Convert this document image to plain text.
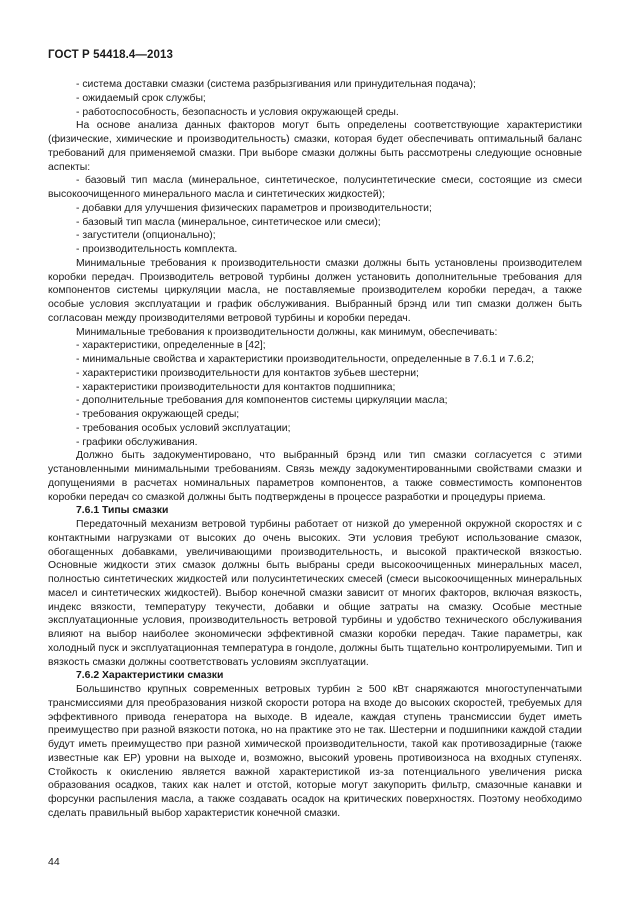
ГОСТ Р 54418.4—2013

- система доставки смазки (система разбрызгивания или принудительная подача);

- ожидаемый срок службы;

- работоспособность, безопасность и условия окружающей среды.

На основе анализа данных факторов могут быть определены соответствующие характеристики (физические, химические и производительность) смазки, которая будет обеспечивать оптимальный баланс требований для применяемой смазки. При выборе смазки должны быть рассмотрены следующие основные аспекты:

- базовый тип масла (минеральное, синтетическое, полусинтетические смеси, состоящие из смеси высокоочищенного минерального масла и синтетических жидкостей);

- добавки для улучшения физических параметров и производительности;

- базовый тип масла (минеральное, синтетическое или смеси);

- загустители (опционально);

- производительность комплекта.

Минимальные требования к производительности смазки должны быть установлены производителем коробки передач. Производитель ветровой турбины должен установить дополнительные требования для компонентов системы циркуляции масла, не поставляемые производителем коробки передач, а также особые условия эксплуатации и график обслуживания. Выбранный брэнд или тип смазки должен быть согласован между производителями ветровой турбины и коробки передач.

Минимальные требования к производительности должны, как минимум, обеспечивать:

- характеристики, определенные в [42];

- минимальные свойства и характеристики производительности, определенные в 7.6.1 и 7.6.2;

- характеристики производительности для контактов зубьев шестерни;

- характеристики производительности для контактов подшипника;

- дополнительные требования для компонентов системы циркуляции масла;

- требования окружающей среды;

- требования особых условий эксплуатации;

- графики обслуживания.

Должно быть задокументировано, что выбранный брэнд или тип смазки согласуется с этими установленными минимальными требованиям. Связь между задокументированными свойствами смазки и допущениями в расчетах номинальных параметров компонентов, а также совместимость компонентов коробки передач со смазкой должны быть подтверждены в процессе разработки и процедуры приема.

7.6.1 Типы смазки

Передаточный механизм ветровой турбины работает от низкой до умеренной окружной скоростях и с контактными нагрузками от высоких до очень высоких. Эти условия требуют использование смазок, обогащенных добавками, увеличивающими производительность, и высокой практической вязкостью. Основные жидкости этих смазок должны быть выбраны среди высокоочищенных минеральных масел, полностью синтетических жидкостей или полусинтетических смесей (смеси высокоочищенных минеральных масел и синтетических жидкостей). Выбор конечной смазки зависит от многих факторов, включая вязкость, индекс вязкости, температуру текучести, добавки и общие затраты на смазку. Особые местные эксплуатационные условия, производительность ветровой турбины и удобство технического обслуживания влияют на выбор наиболее экономически эффективной смазки коробки передач. Такие параметры, как холодный пуск и эксплуатационная температура в гондоле, должны быть тщательно контролируемыми. Тип и вязкость смазки должны соответствовать условиям эксплуатации.

7.6.2 Характеристики смазки

Большинство крупных современных ветровых турбин ≥ 500 кВт снаряжаются многоступенчатыми трансмиссиями для преобразования низкой скорости ротора на входе до высоких скоростей, требуемых для эффективного привода генератора на выходе. В идеале, каждая ступень трансмиссии будет иметь преимущество при разной вязкости потока, но на практике это не так. Шестерни и подшипники каждой стадии будут иметь преимущество при разной химической производительности, такой как противозадирные (также известные как ЕР) уровни на выходе и, возможно, высокий уровень противоизноса на входных ступенях. Стойкость к окислению является важной характеристикой из-за потенциального увеличения риска образования осадков, таких как налет и отстой, которые могут закупорить фильтр, смазочные канавки и форсунки распыления масла, а также создавать осадок на критических поверхностях. Поэтому необходимо сделать правильный выбор характеристик конечной смазки.

44
